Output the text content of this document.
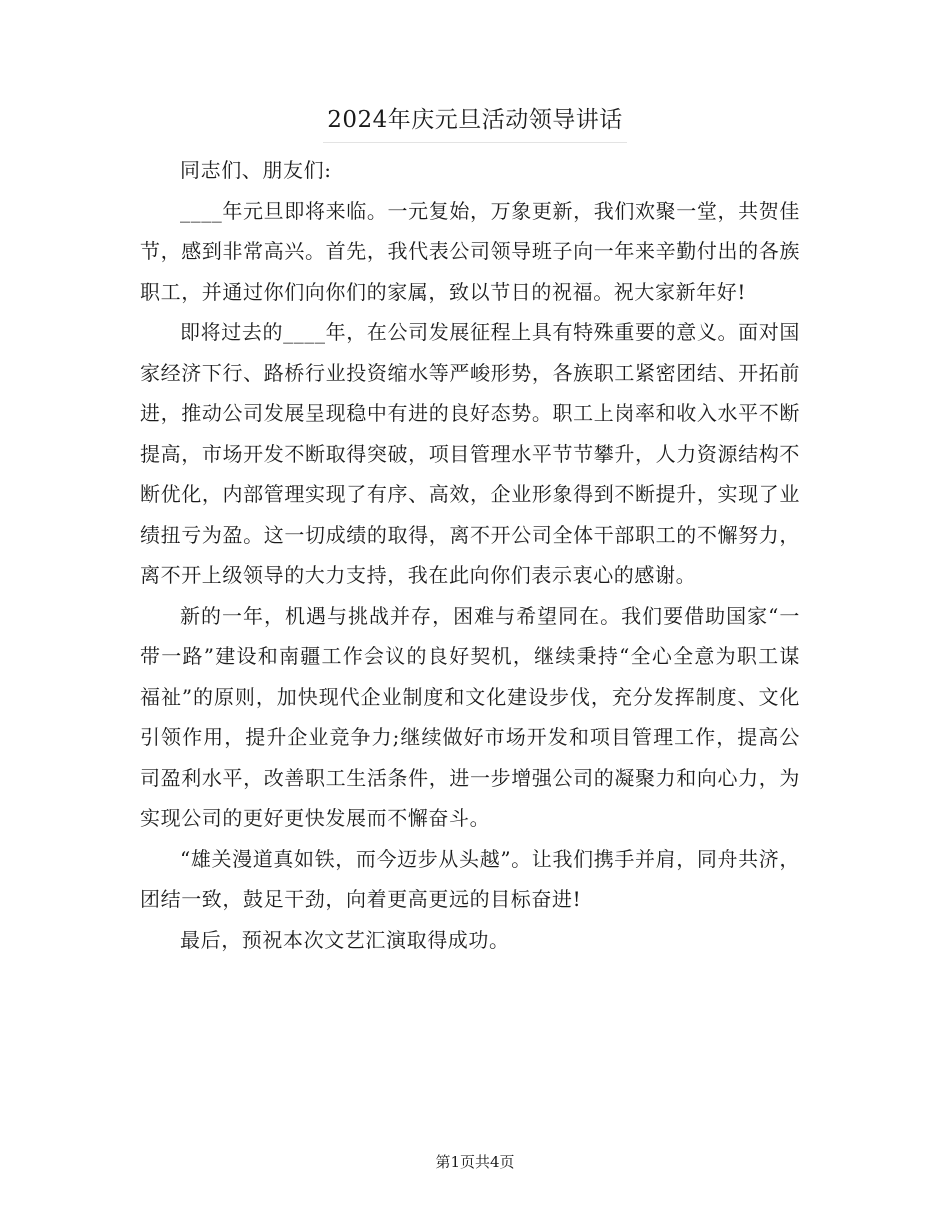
2024年庆元旦活动领导讲话

同志们、朋友们:

____年元旦即将来临。一元复始，万象更新，我们欢聚一堂，共贺佳节，感到非常高兴。首先，我代表公司领导班子向一年来辛勤付出的各族职工，并通过你们向你们的家属，致以节日的祝福。祝大家新年好!

即将过去的____年，在公司发展征程上具有特殊重要的意义。面对国家经济下行、路桥行业投资缩水等严峻形势，各族职工紧密团结、开拓前进，推动公司发展呈现稳中有进的良好态势。职工上岗率和收入水平不断提高，市场开发不断取得突破，项目管理水平节节攀升，人力资源结构不断优化，内部管理实现了有序、高效，企业形象得到不断提升，实现了业绩扭亏为盈。这一切成绩的取得，离不开公司全体干部职工的不懈努力，离不开上级领导的大力支持，我在此向你们表示衷心的感谢。

新的一年，机遇与挑战并存，困难与希望同在。我们要借助国家“一带一路”建设和南疆工作会议的良好契机，继续秉持“全心全意为职工谋福祉”的原则，加快现代企业制度和文化建设步伐，充分发挥制度、文化引领作用，提升企业竞争力;继续做好市场开发和项目管理工作，提高公司盈利水平，改善职工生活条件，进一步增强公司的凝聚力和向心力，为实现公司的更好更快发展而不懈奋斗。

“雄关漫道真如铁，而今迈步从头越”。让我们携手并肩，同舟共济，团结一致，鼓足干劲，向着更高更远的目标奋进!

最后，预祝本次文艺汇演取得成功。

第1页共4页
